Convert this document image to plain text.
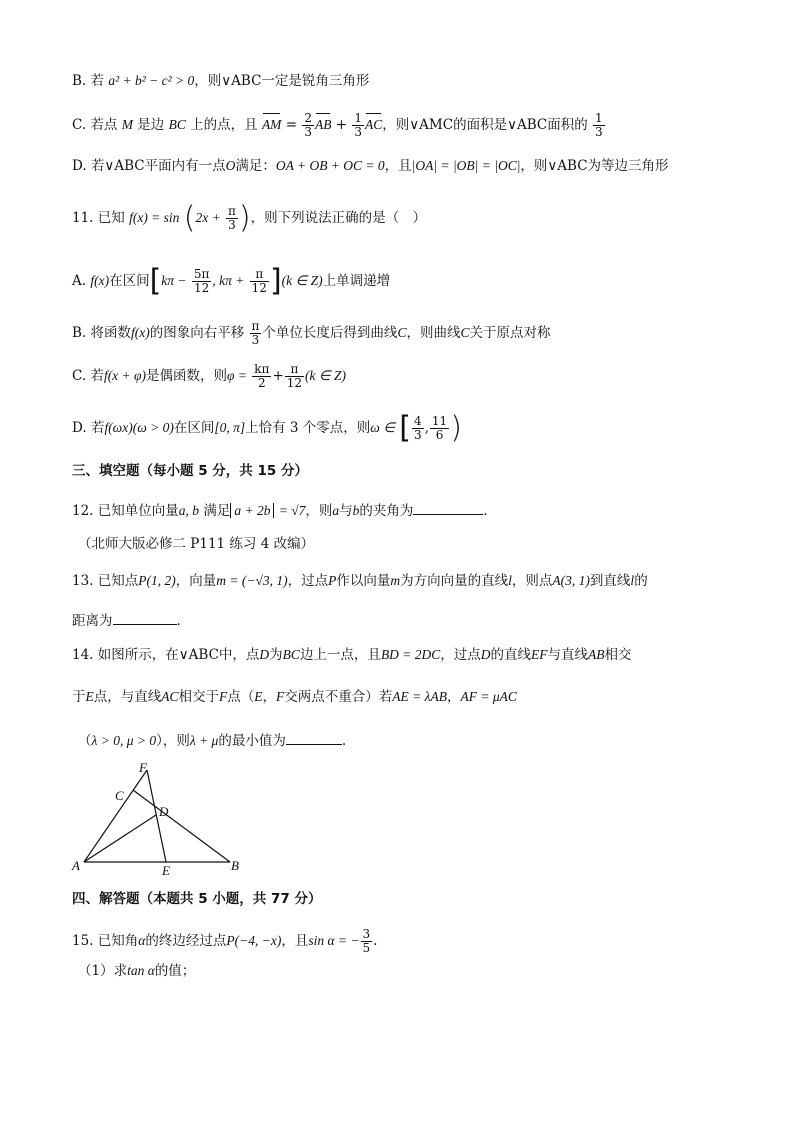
B. 若 a² + b² − c² > 0，则∨ABC一定是锐角三角形
C. 若点 M 是边 BC 上的点，且 AM = $\frac{2}{3}$ AB + $\frac{1}{3}$ AC，则∨AMC的面积是∨ABC面积的 $\frac{1}{3}$
D. 若∨ABC平面内有一点O满足：OA + OB + OC = 0，且|OA| = |OB| = |OC|，则∨ABC为等边三角形
11. 已知 $f(x) = \sin (2x + \frac{\pi}{3}$ )，则下列说法正确的是（　）
A. f(x)在区间[$k\pi - \frac{5\pi}{12}$ , $k\pi + \frac{\pi}{12} ](k$ ∈ Z)上单调递增
B. 将函数f(x)的图象向右平移 $\frac{\pi}{3}$ 个单位长度后得到曲线C，则曲线C关于原点对称
C. 若f(x + φ)是偶函数，则$\varphi = \frac{k\pi}{2} + \frac{\pi}{12} (k$ ∈ Z)
D. 若f(ωx)(ω > 0)在区间[0, π]上恰有 3 个零点，则ω ∈ [ $\frac{4}{3}$ , $\frac{11}{6}$ )
三、填空题（每小题 5 分，共 15 分）
12. 已知单位向量a, b 满足 a + 2b = √7，则a与b的夹角为	.
（北师大版必修二 P111 练习 4 改编）
13. 已知点P(1, 2)，向量m = (−√3, 1)，过点P作以向量m为方向向量的直线l，则点A(3, 1)到直线l的
距离为	.
14. 如图所示，在∨ABC中，点D为BC边上一点，且BD = 2DC，过点D的直线EF与直线AB相交
于E点，与直线AC相交于F点（E，F交两点不重合）若AE = λAB，AF = μAC
（λ > 0, μ > 0），则λ + μ的最小值为	.
F
C
D
A	E	B
四、解答题（本题共 5 小题，共 77 分）
15. 已知角α的终边经过点P(−4, −x)，且sin α = − $\frac{3}{5}$ .
（1）求tan α的值；
